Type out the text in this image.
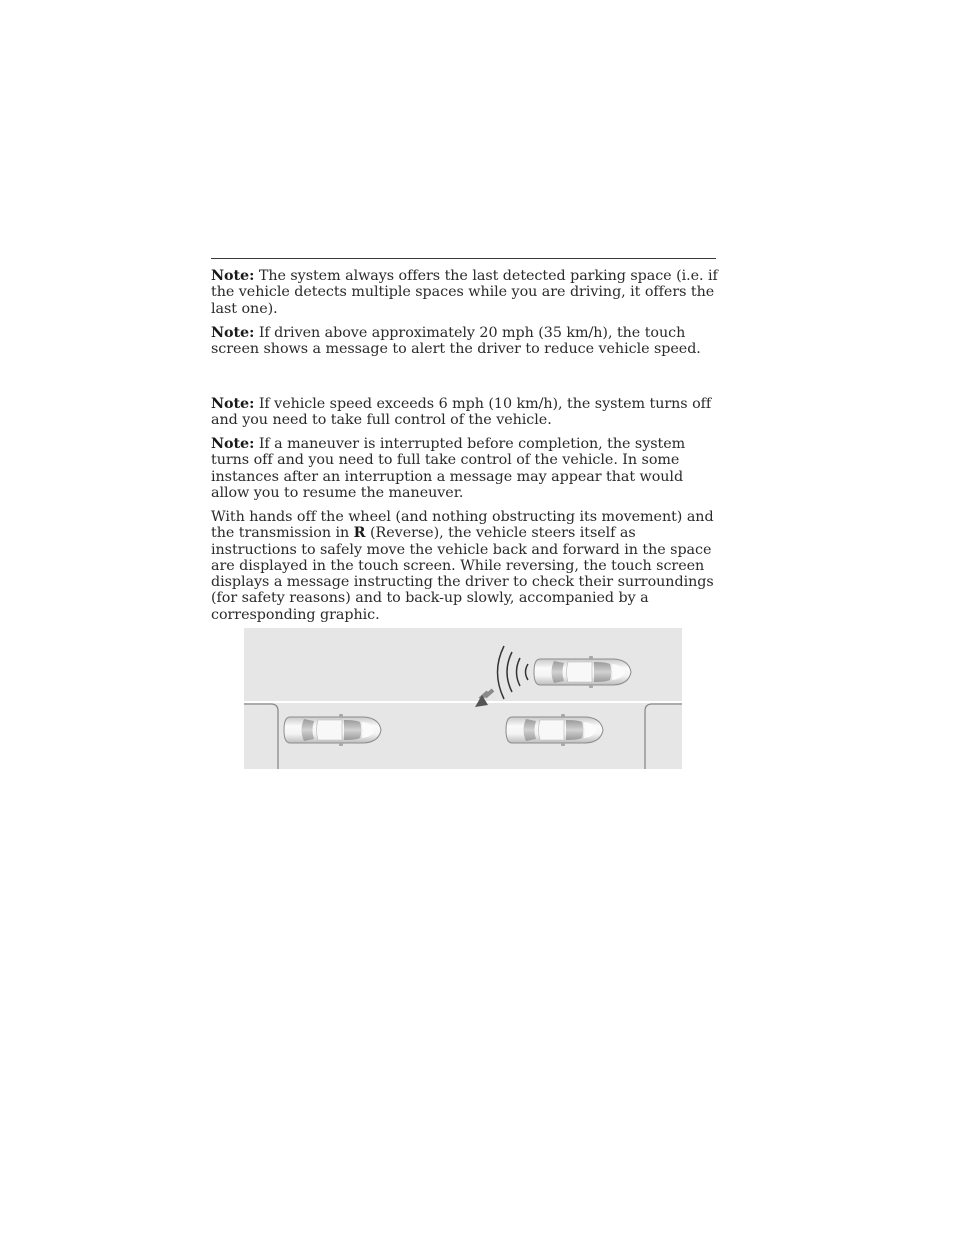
Note: The system always offers the last detected parking space (i.e. if the vehicle detects multiple spaces while you are driving, it offers the last one).

Note: If driven above approximately 20 mph (35 km/h), the touch screen shows a message to alert the driver to reduce vehicle speed.

Note: If vehicle speed exceeds 6 mph (10 km/h), the system turns off and you need to take full control of the vehicle.

Note: If a maneuver is interrupted before completion, the system turns off and you need to full take control of the vehicle. In some instances after an interruption a message may appear that would allow you to resume the maneuver.

With hands off the wheel (and nothing obstructing its movement) and the transmission in R (Reverse), the vehicle steers itself as instructions to safely move the vehicle back and forward in the space are displayed in the touch screen. While reversing, the touch screen displays a message instructing the driver to check their surroundings (for safety reasons) and to back-up slowly, accompanied by a corresponding graphic.
